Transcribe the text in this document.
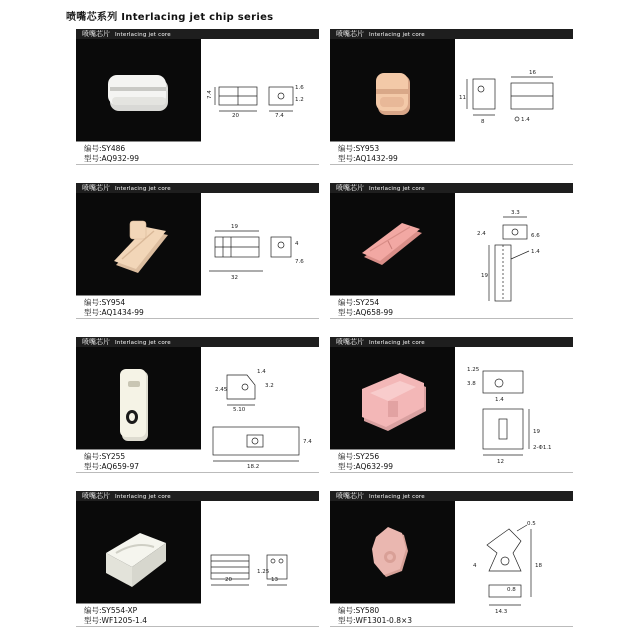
喷嘴芯系列 Interlacing jet chip series
喷嘴芯片 Interlacing jet core
7.4
20
1.6
1.2
7.4
编号:SY486
型号:AQ932-99
喷嘴芯片 Interlacing jet core
11
8
16
1.4
编号:SY953
型号:AQ1432-99
喷嘴芯片 Interlacing jet core
19
32
4
7.6
编号:SY954
型号:AQ1434-99
喷嘴芯片 Interlacing jet core
3.3
2.4	6.6
19
1.4
编号:SY254
型号:AQ658-99
喷嘴芯片 Interlacing jet core
1.4
2.45
5.10
3.2
18.2
7.4
编号:SY255
型号:AQ659-97
喷嘴芯片 Interlacing jet core
1.25
3.8
1.4
19
12
2-Φ1.1
编号:SY256
型号:AQ632-99
喷嘴芯片 Interlacing jet core
20
1.25
13
编号:SY554-XP
型号:WF1205-1.4
喷嘴芯片 Interlacing jet core
0.5
4	18
0.8
14.3
编号:SY580
型号:WF1301-0.8×3
